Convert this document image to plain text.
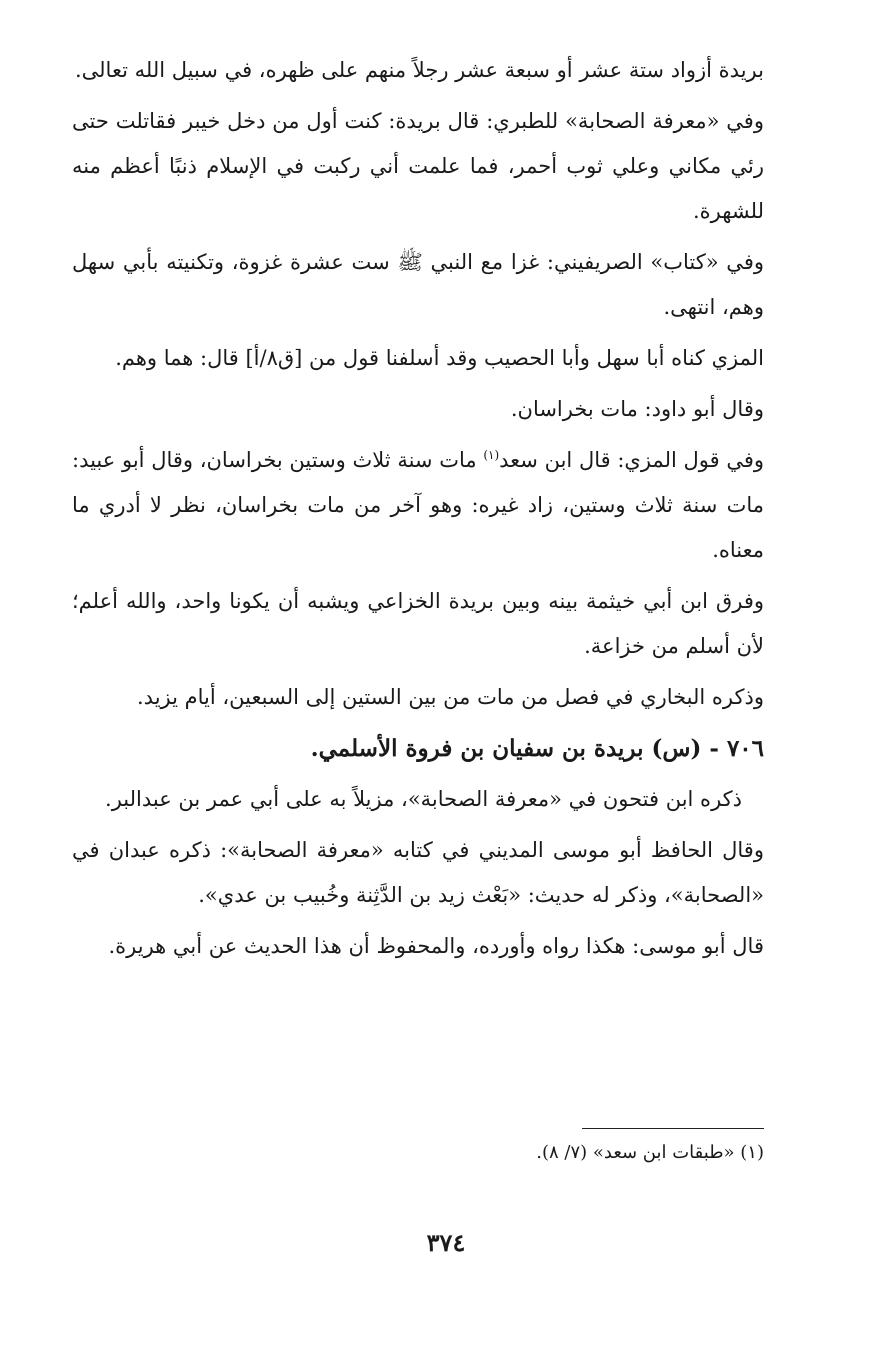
بريدة أزواد ستة عشر أو سبعة عشر رجلاً منهم على ظهره، في سبيل الله تعالى.

وفي «معرفة الصحابة» للطبري: قال بريدة: كنت أول من دخل خيبر فقاتلت حتى رئي مكاني وعلي ثوب أحمر، فما علمت أني ركبت في الإسلام ذنبًا أعظم منه للشهرة.

وفي «كتاب» الصريفيني: غزا مع النبي ﷺ ست عشرة غزوة، وتكنيته بأبي سهل وهم، انتهى.

المزي كناه أبا سهل وأبا الحصيب وقد أسلفنا قول من [ق٨/أ] قال: هما وهم.

وقال أبو داود: مات بخراسان.

وفي قول المزي: قال ابن سعد$^{(١)}$ مات سنة ثلاث وستين بخراسان، وقال أبو عبيد: مات سنة ثلاث وستين، زاد غيره: وهو آخر من مات بخراسان، نظر لا أدري ما معناه.

وفرق ابن أبي خيثمة بينه وبين بريدة الخزاعي ويشبه أن يكونا واحد، والله أعلم؛ لأن أسلم من خزاعة.

وذكره البخاري في فصل من مات من بين الستين إلى السبعين، أيام يزيد.

٧٠٦ - (س) بريدة بن سفيان بن فروة الأسلمي.

ذكره ابن فتحون في «معرفة الصحابة»، مزيلاً به على أبي عمر بن عبدالبر.

وقال الحافظ أبو موسى المديني في كتابه «معرفة الصحابة»: ذكره عبدان في «الصحابة»، وذكر له حديث: «بَعْث زيد بن الدَّثِنة وخُبيب بن عدي».

قال أبو موسى: هكذا رواه وأورده، والمحفوظ أن هذا الحديث عن أبي هريرة.

(١) «طبقات ابن سعد» (٧/ ٨).
٣٧٤
